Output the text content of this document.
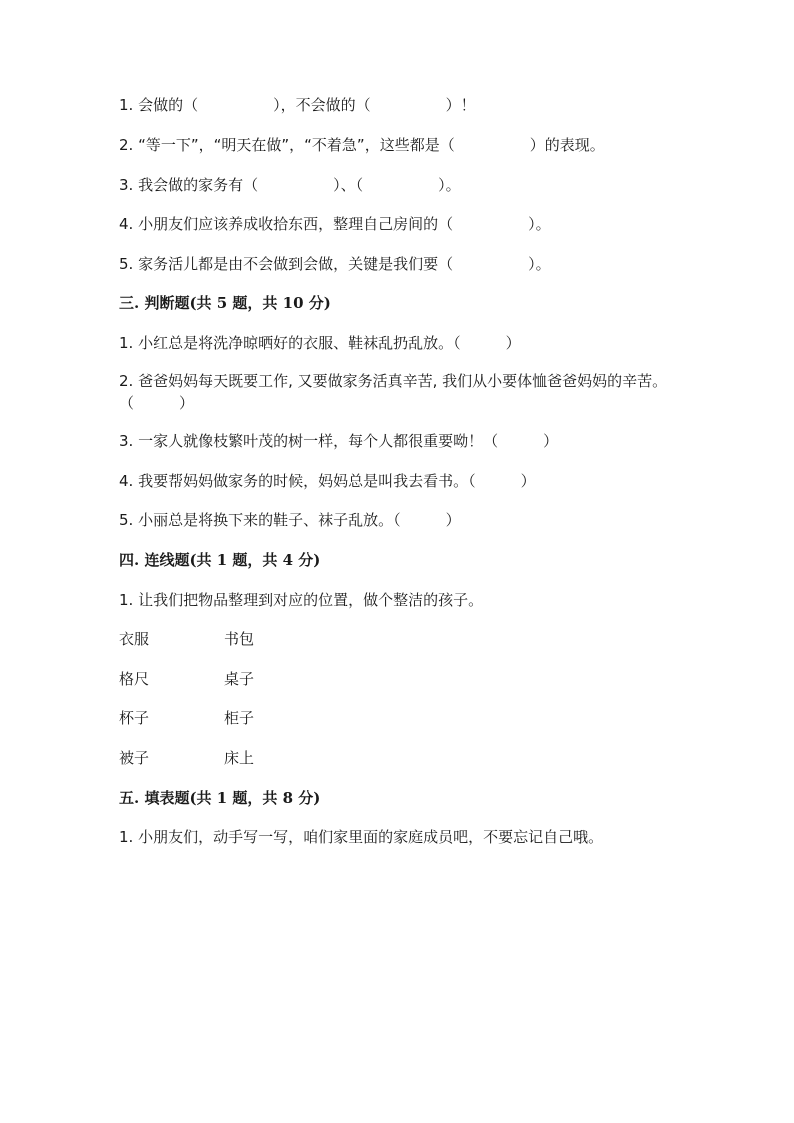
1. 会做的（　　　　　），不会做的（　　　　　）！
2. “等一下”，“明天在做”，“不着急”，这些都是（　　　　　）的表现。
3. 我会做的家务有（　　　　　）、（　　　　　）。
4. 小朋友们应该养成收拾东西，整理自己房间的（　　　　　）。
5. 家务活儿都是由不会做到会做，关键是我们要（　　　　　）。
三. 判断题(共 5 题，共 10 分)
1. 小红总是将洗净晾晒好的衣服、鞋袜乱扔乱放。（　　　）
2. 爸爸妈妈每天既要工作, 又要做家务活真辛苦, 我们从小要体恤爸爸妈妈的辛苦。（　　　）
3. 一家人就像枝繁叶茂的树一样，每个人都很重要呦！（　　　）
4. 我要帮妈妈做家务的时候，妈妈总是叫我去看书。（　　　）
5. 小丽总是将换下来的鞋子、袜子乱放。（　　　）
四. 连线题(共 1 题，共 4 分)
1. 让我们把物品整理到对应的位置，做个整洁的孩子。
衣服	书包
格尺	桌子
杯子	柜子
被子	床上
五. 填表题(共 1 题，共 8 分)
1. 小朋友们，动手写一写，咱们家里面的家庭成员吧，不要忘记自己哦。
